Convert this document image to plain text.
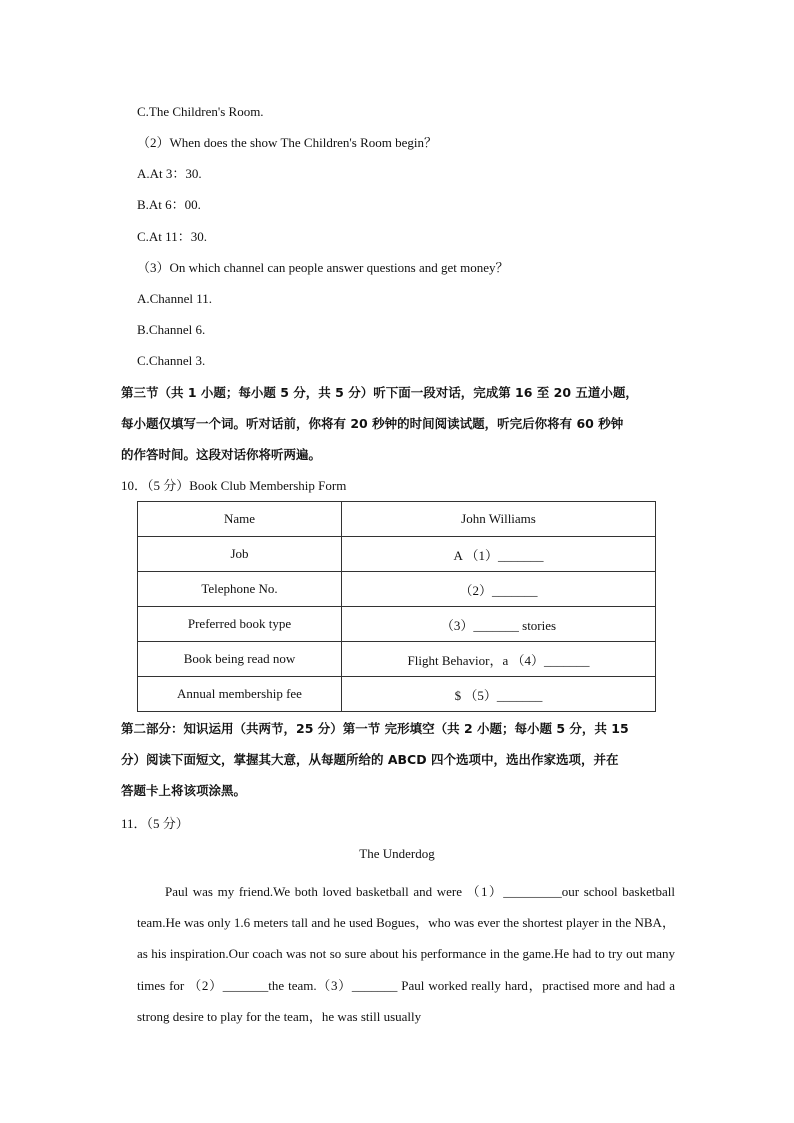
C.The Children's Room.
（2）When does the show The Children's Room begin？
A.At 3：30.
B.At 6：00.
C.At 11：30.
（3）On which channel can people answer questions and get money？
A.Channel 11.
B.Channel 6.
C.Channel 3.
第三节（共 1 小题；每小题 5 分，共 5 分）听下面一段对话，完成第 16 至 20 五道小题，
每小题仅填写一个词。听对话前，你将有 20 秒钟的时间阅读试题，听完后你将有 60 秒钟
的作答时间。这段对话你将听两遍。
10．（5 分）Book Club Membership Form
Name	John Williams
Job	A （1）_______
Telephone No.	（2）_______
Preferred book type	（3）_______ stories
Book being read now	Flight Behavior，a （4）_______
Annual membership fee	$ （5）_______
第二部分：知识运用（共两节，25 分）第一节 完形填空（共 2 小题；每小题 5 分，共 15
分）阅读下面短文，掌握其大意，从每题所给的 ABCD 四个选项中，选出作家选项，并在
答题卡上将该项涂黑。
11．（5 分）
The Underdog
Paul was my friend.We both loved basketball and were （1）_________our school basketball team.He was only 1.6 meters tall and he used Bogues，who was ever the shortest player in the NBA，as his inspiration.Our coach was not so sure about his performance in the game.He had to try out many times for （2）_______the team.（3）_______ Paul worked really hard，practised more and had a strong desire to play for the team，he was still usually
